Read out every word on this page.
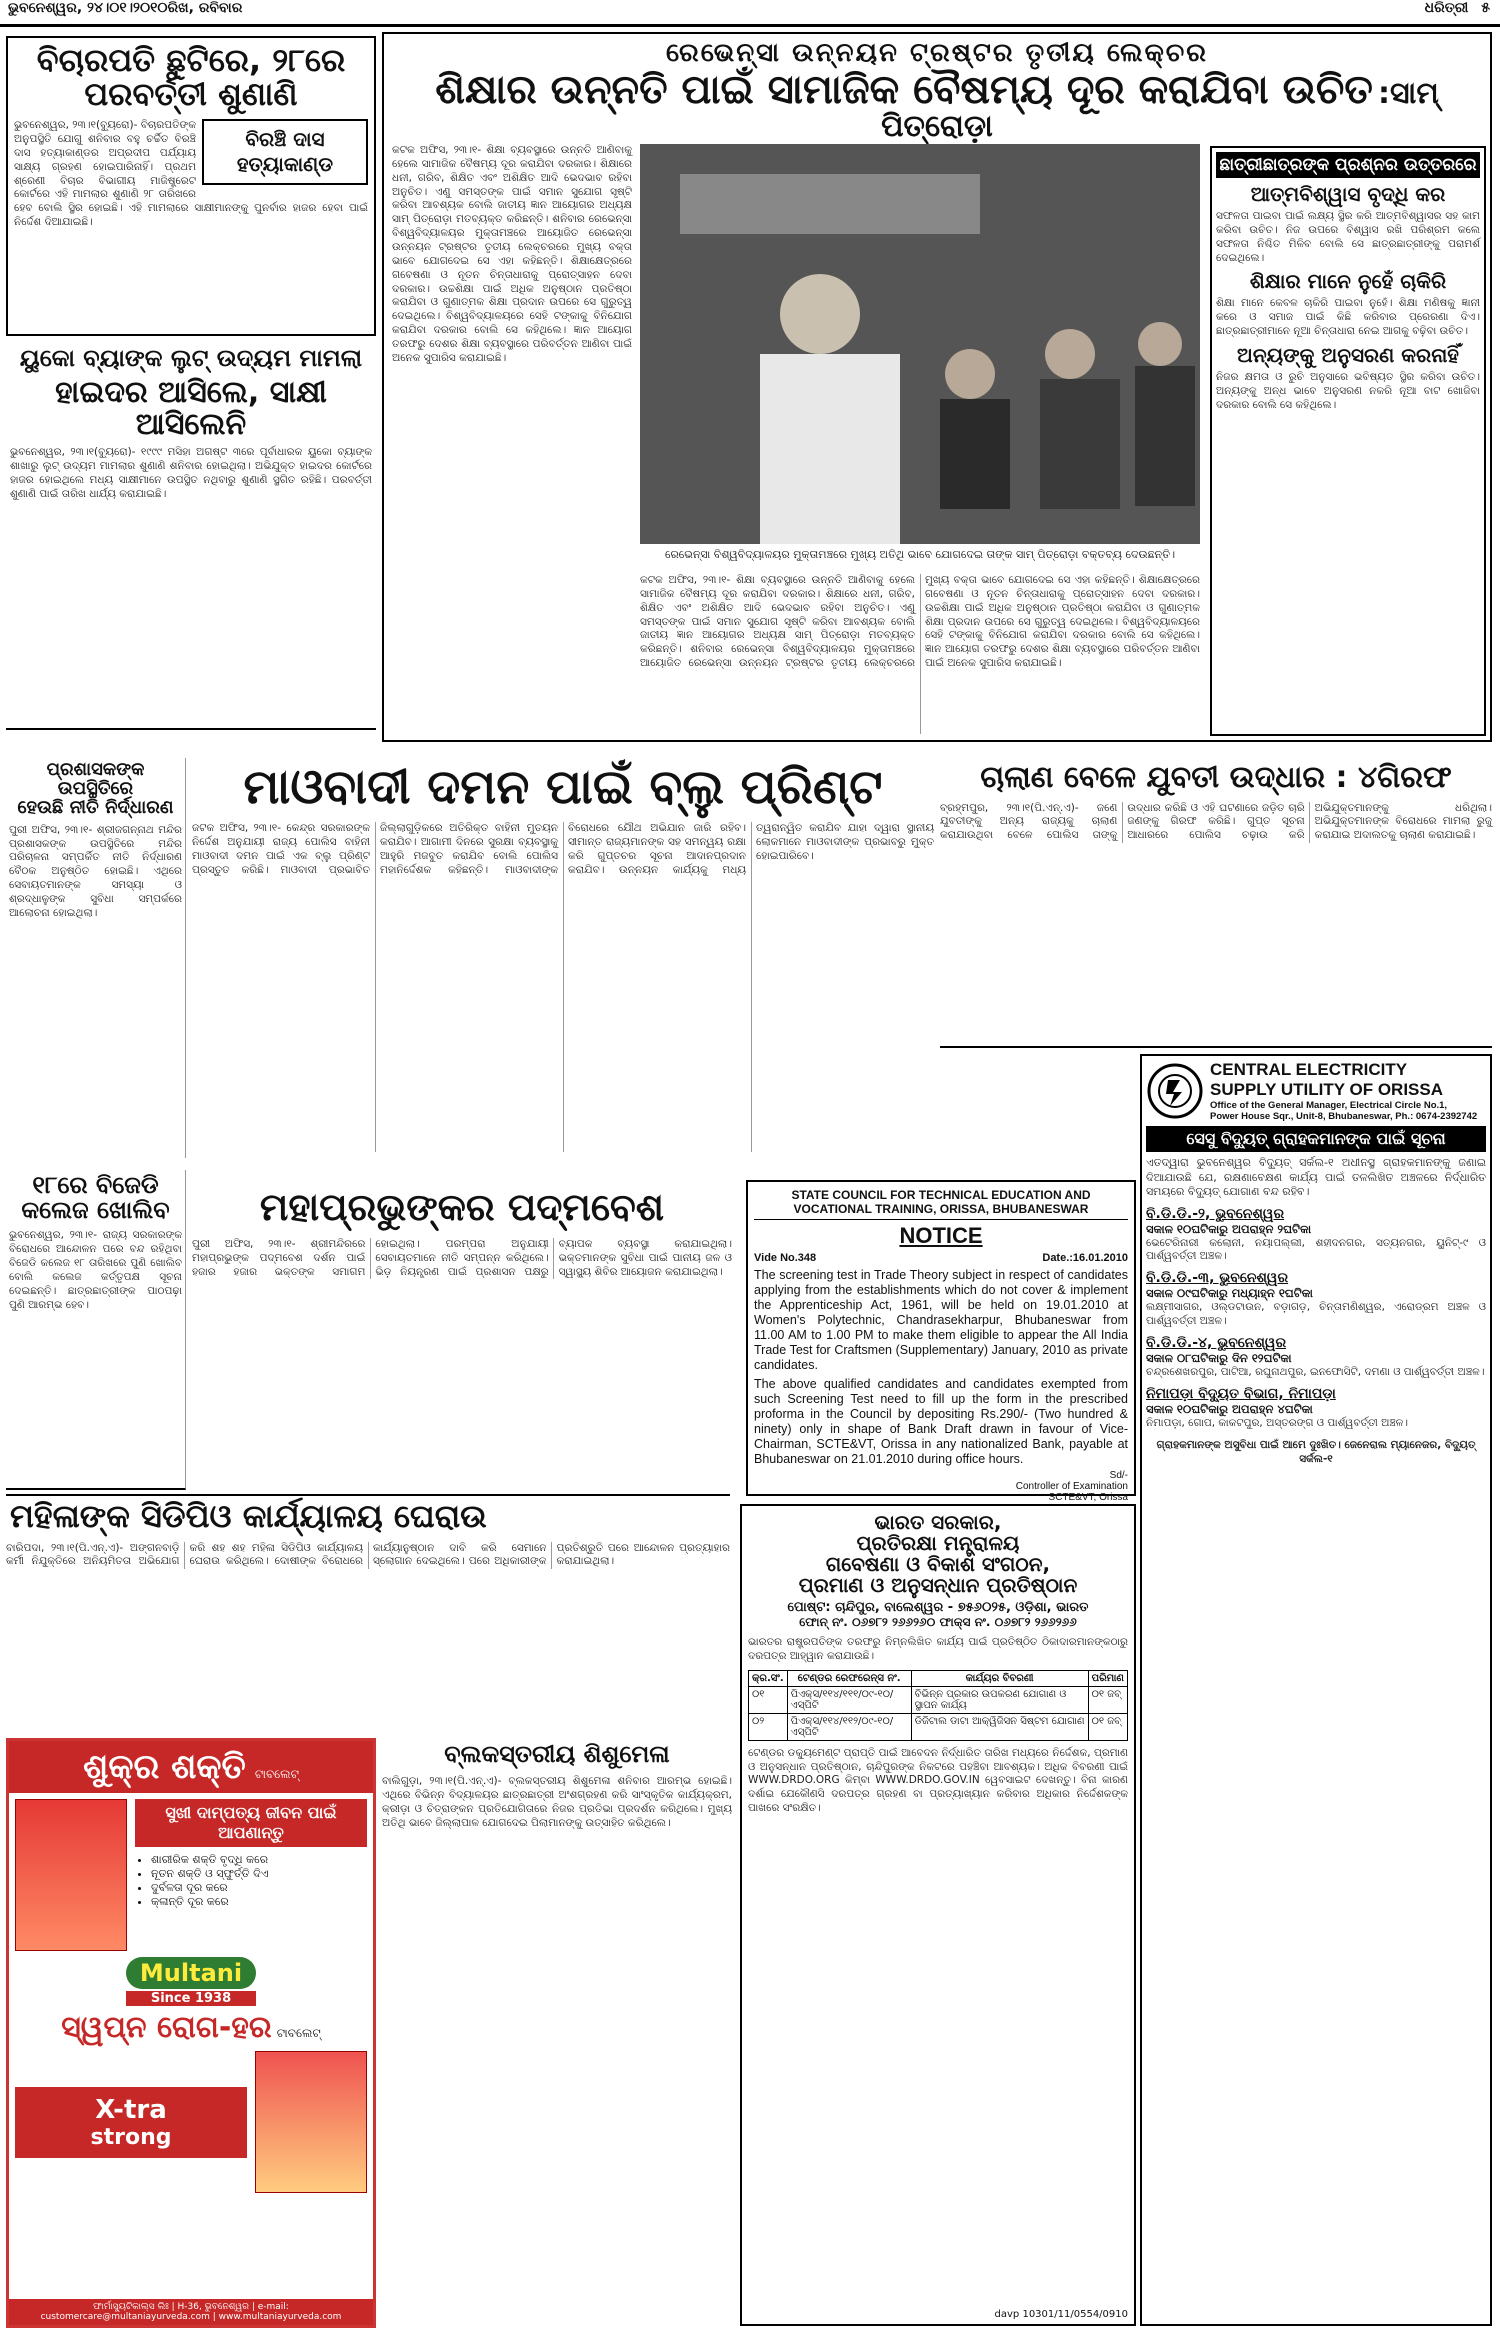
ଭୁବନେଶ୍ୱର, ୨୪।୦୧।୨୦୧୦ରିଖ, ରବିବାର	ଧରିତ୍ରୀ ୫
ବିଚାରପତି ଛୁଟିରେ, ୨୮ରେ ପରବର୍ତ୍ତୀ ଶୁଣାଣି
ବିରଞ୍ଚି ଦାସ ହତ୍ୟାକାଣ୍ଡ
ଭୁବନେଶ୍ୱର, ୨୩।୧(ବ୍ୟୁରୋ)- ବିଚାରପତିଙ୍କ ଅନୁପସ୍ଥିତି ଯୋଗୁ ଶନିବାର ବହୁ ଚର୍ଚ୍ଚିତ ବିରଞ୍ଚି ଦାସ ହତ୍ୟାକାଣ୍ଡର ଅପ୍ରଦୀପ ପର୍ଯ୍ୟାୟ ସାକ୍ଷ୍ୟ ଗ୍ରହଣ ହୋଇପାରିନାହିଁ। ପ୍ରଥମ ଶ୍ରେଣୀ ବିଚାର ବିଭାଗୀୟ ମାଜିଷ୍ଟ୍ରେଟ କୋର୍ଟରେ ଏହି ମାମଲାର ଶୁଣାଣି ୨୮ ତାରିଖରେ ହେବ ବୋଲି ସ୍ଥିର ହୋଇଛି। ଏହି ମାମଲାରେ ସାକ୍ଷୀମାନଙ୍କୁ ପୁନର୍ବାର ହାଜର ହେବା ପାଇଁ ନିର୍ଦ୍ଦେଶ ଦିଆଯାଇଛି।
ୟୁକୋ ବ୍ୟାଙ୍କ ଲୁଟ୍ ଉଦ୍ୟମ ମାମଲା
ହାଇଦର ଆସିଲେ, ସାକ୍ଷୀ ଆସିଲେନି
ଭୁବନେଶ୍ୱର, ୨୩।୧(ବ୍ୟୁରୋ)- ୧୯୯୯ ମସିହା ଅଗଷ୍ଟ ୩ରେ ପୂର୍ବାଧାରକ ୟୁକୋ ବ୍ୟାଙ୍କ ଶାଖାରୁ ଲୁଟ୍ ଉଦ୍ୟମ ମାମଲାର ଶୁଣାଣି ଶନିବାର ହୋଇଥିଲା। ଅଭିଯୁକ୍ତ ହାଇଦର କୋର୍ଟରେ ହାଜର ହୋଇଥିଲେ ମଧ୍ୟ ସାକ୍ଷୀମାନେ ଉପସ୍ଥିତ ନଥିବାରୁ ଶୁଣାଣି ସ୍ଥଗିତ ରହିଛି। ପରବର୍ତ୍ତୀ ଶୁଣାଣି ପାଇଁ ତାରିଖ ଧାର୍ଯ୍ୟ କରାଯାଇଛି।
ରେଭେନ୍ସା ଉନ୍ନୟନ ଟ୍ରଷ୍ଟର ତୃତୀୟ ଲେକ୍ଚର
ଶିକ୍ଷାର ଉନ୍ନତି ପାଇଁ ସାମାଜିକ ବୈଷମ୍ୟ ଦୂର କରାଯିବା ଉଚିତ :ସାମ୍ ପିତ୍ରୋଡ଼ା
କଟକ ଅଫିସ, ୨୩।୧- ଶିକ୍ଷା ବ୍ୟବସ୍ଥାରେ ଉନ୍ନତି ଆଣିବାକୁ ହେଲେ ସାମାଜିକ ବୈଷମ୍ୟ ଦୂର କରାଯିବା ଦରକାର। ଶିକ୍ଷାରେ ଧନୀ, ଗରିବ, ଶିକ୍ଷିତ ଏବଂ ଅଶିକ୍ଷିତ ଆଦି ଭେଦଭାବ ରହିବା ଅନୁଚିତ। ଏଣୁ ସମସ୍ତଙ୍କ ପାଇଁ ସମାନ ସୁଯୋଗ ସୃଷ୍ଟି କରିବା ଆବଶ୍ୟକ ବୋଲି ଜାତୀୟ ଜ୍ଞାନ ଆୟୋଗର ଅଧ୍ୟକ୍ଷ ସାମ୍ ପିତ୍ରୋଡ଼ା ମତବ୍ୟକ୍ତ କରିଛନ୍ତି। ଶନିବାର ରେଭେନ୍ସା ବିଶ୍ୱବିଦ୍ୟାଳୟର ମୁକ୍ତାମଞ୍ଚରେ ଆୟୋଜିତ ରେଭେନ୍ସା ଉନ୍ନୟନ ଟ୍ରଷ୍ଟର ତୃତୀୟ ଲେକ୍ଚରରେ ମୁଖ୍ୟ ବକ୍ତା ଭାବେ ଯୋଗଦେଇ ସେ ଏହା କହିଛନ୍ତି। ଶିକ୍ଷାକ୍ଷେତ୍ରରେ ଗବେଷଣା ଓ ନୂତନ ଚିନ୍ତାଧାରାକୁ ପ୍ରୋତ୍ସାହନ ଦେବା ଦରକାର। ଉଚ୍ଚଶିକ୍ଷା ପାଇଁ ଅଧିକ ଅନୁଷ୍ଠାନ ପ୍ରତିଷ୍ଠା କରାଯିବା ଓ ଗୁଣାତ୍ମକ ଶିକ୍ଷା ପ୍ରଦାନ ଉପରେ ସେ ଗୁରୁତ୍ୱ ଦେଇଥିଲେ। ବିଶ୍ୱବିଦ୍ୟାଳୟରେ ସେହି ଟଙ୍କାକୁ ବିନିଯୋଗ କରାଯିବା ଦରକାର ବୋଲି ସେ କହିଥିଲେ। ଜ୍ଞାନ ଆୟୋଗ ତରଫରୁ ଦେଶର ଶିକ୍ଷା ବ୍ୟବସ୍ଥାରେ ପରିବର୍ତ୍ତନ ଆଣିବା ପାଇଁ ଅନେକ ସୁପାରିସ କରାଯାଇଛି।
ରେଭେନ୍ସା ବିଶ୍ୱବିଦ୍ୟାଳୟର ମୁକ୍ତାମଞ୍ଚରେ ମୁଖ୍ୟ ଅତିଥି ଭାବେ ଯୋଗଦେଇ ତାଙ୍କ ସାମ୍ ପିତ୍ରୋଡ଼ା ବକ୍ତବ୍ୟ ଦେଉଛନ୍ତି।
କଟକ ଅଫିସ, ୨୩।୧- ଶିକ୍ଷା ବ୍ୟବସ୍ଥାରେ ଉନ୍ନତି ଆଣିବାକୁ ହେଲେ ସାମାଜିକ ବୈଷମ୍ୟ ଦୂର କରାଯିବା ଦରକାର। ଶିକ୍ଷାରେ ଧନୀ, ଗରିବ, ଶିକ୍ଷିତ ଏବଂ ଅଶିକ୍ଷିତ ଆଦି ଭେଦଭାବ ରହିବା ଅନୁଚିତ। ଏଣୁ ସମସ୍ତଙ୍କ ପାଇଁ ସମାନ ସୁଯୋଗ ସୃଷ୍ଟି କରିବା ଆବଶ୍ୟକ ବୋଲି ଜାତୀୟ ଜ୍ଞାନ ଆୟୋଗର ଅଧ୍ୟକ୍ଷ ସାମ୍ ପିତ୍ରୋଡ଼ା ମତବ୍ୟକ୍ତ କରିଛନ୍ତି। ଶନିବାର ରେଭେନ୍ସା ବିଶ୍ୱବିଦ୍ୟାଳୟର ମୁକ୍ତାମଞ୍ଚରେ ଆୟୋଜିତ ରେଭେନ୍ସା ଉନ୍ନୟନ ଟ୍ରଷ୍ଟର ତୃତୀୟ ଲେକ୍ଚରରେ ମୁଖ୍ୟ ବକ୍ତା ଭାବେ ଯୋଗଦେଇ ସେ ଏହା କହିଛନ୍ତି। ଶିକ୍ଷାକ୍ଷେତ୍ରରେ ଗବେଷଣା ଓ ନୂତନ ଚିନ୍ତାଧାରାକୁ ପ୍ରୋତ୍ସାହନ ଦେବା ଦରକାର। ଉଚ୍ଚଶିକ୍ଷା ପାଇଁ ଅଧିକ ଅନୁଷ୍ଠାନ ପ୍ରତିଷ୍ଠା କରାଯିବା ଓ ଗୁଣାତ୍ମକ ଶିକ୍ଷା ପ୍ରଦାନ ଉପରେ ସେ ଗୁରୁତ୍ୱ ଦେଇଥିଲେ। ବିଶ୍ୱବିଦ୍ୟାଳୟରେ ସେହି ଟଙ୍କାକୁ ବିନିଯୋଗ କରାଯିବା ଦରକାର ବୋଲି ସେ କହିଥିଲେ। ଜ୍ଞାନ ଆୟୋଗ ତରଫରୁ ଦେଶର ଶିକ୍ଷା ବ୍ୟବସ୍ଥାରେ ପରିବର୍ତ୍ତନ ଆଣିବା ପାଇଁ ଅନେକ ସୁପାରିସ କରାଯାଇଛି।
ଛାତ୍ରୀଛାତ୍ରଙ୍କ ପ୍ରଶ୍ନର ଉତ୍ତରରେ
ଆତ୍ମବିଶ୍ୱାସ ବୃଦ୍ଧି କର
ସଫଳତା ପାଇବା ପାଇଁ ଲକ୍ଷ୍ୟ ସ୍ଥିର କରି ଆତ୍ମବିଶ୍ୱାସର ସହ କାମ କରିବା ଉଚିତ। ନିଜ ଉପରେ ବିଶ୍ୱାସ ରଖି ପରିଶ୍ରମ କଲେ ସଫଳତା ନିଶ୍ଚିତ ମିଳିବ ବୋଲି ସେ ଛାତ୍ରଛାତ୍ରୀଙ୍କୁ ପରାମର୍ଶ ଦେଇଥିଲେ।
ଶିକ୍ଷାର ମାନେ ନୁହେଁ ଚାକିରି
ଶିକ୍ଷା ମାନେ କେବଳ ଚାକିରି ପାଇବା ନୁହେଁ। ଶିକ୍ଷା ମଣିଷକୁ ଜ୍ଞାନୀ କରେ ଓ ସମାଜ ପାଇଁ କିଛି କରିବାର ପ୍ରେରଣା ଦିଏ। ଛାତ୍ରଛାତ୍ରୀମାନେ ନୂଆ ଚିନ୍ତାଧାରା ନେଇ ଆଗକୁ ବଢ଼ିବା ଉଚିତ।
ଅନ୍ୟଙ୍କୁ ଅନୁସରଣ କରନାହିଁ
ନିଜର କ୍ଷମତା ଓ ରୁଚି ଅନୁସାରେ ଭବିଷ୍ୟତ ସ୍ଥିର କରିବା ଉଚିତ। ଅନ୍ୟଙ୍କୁ ଅନ୍ଧ ଭାବେ ଅନୁସରଣ ନକରି ନୂଆ ବାଟ ଖୋଜିବା ଦରକାର ବୋଲି ସେ କହିଥିଲେ।
ପ୍ରଶାସକଙ୍କ ଉପସ୍ଥିତିରେ
ହେଉଛି ନୀତି ନିର୍ଦ୍ଧାରଣ
ପୁରୀ ଅଫିସ, ୨୩।୧- ଶ୍ରୀଜଗନ୍ନାଥ ମନ୍ଦିର ପ୍ରଶାସକଙ୍କ ଉପସ୍ଥିତିରେ ମନ୍ଦିର ପରିଚାଳନା ସମ୍ପର୍କିତ ନୀତି ନିର୍ଦ୍ଧାରଣ ବୈଠକ ଅନୁଷ୍ଠିତ ହୋଇଛି। ଏଥିରେ ସେବାୟତମାନଙ୍କ ସମସ୍ୟା ଓ ଶ୍ରଦ୍ଧାଳୁଙ୍କ ସୁବିଧା ସମ୍ପର୍କରେ ଆଲୋଚନା ହୋଇଥିଲା।
ମାଓବାଦୀ ଦମନ ପାଇଁ ବ୍ଲୁ ପ୍ରିଣ୍ଟ
ଜଟକ ଅଫିସ, ୨୩।୧- କେନ୍ଦ୍ର ସରକାରଙ୍କ ନିର୍ଦ୍ଦେଶ ଅନୁଯାୟୀ ରାଜ୍ୟ ପୋଲିସ ବାହିନୀ ମାଓବାଦୀ ଦମନ ପାଇଁ ଏକ ବ୍ଲୁ ପ୍ରିଣ୍ଟ ପ୍ରସ୍ତୁତ କରିଛି। ମାଓବାଦୀ ପ୍ରଭାବିତ ଜିଲ୍ଲାଗୁଡ଼ିକରେ ଅତିରିକ୍ତ ବାହିନୀ ମୁତୟନ କରାଯିବ। ଆଗାମୀ ଦିନରେ ସୁରକ୍ଷା ବ୍ୟବସ୍ଥାକୁ ଆହୁରି ମଜବୁତ କରାଯିବ ବୋଲି ପୋଲିସ ମହାନିର୍ଦ୍ଦେଶକ କହିଛନ୍ତି। ମାଓବାଦୀଙ୍କ ବିରୋଧରେ ଯୌଥ ଅଭିଯାନ ଜାରି ରହିବ। ସୀମାନ୍ତ ରାଜ୍ୟମାନଙ୍କ ସହ ସମନ୍ୱୟ ରକ୍ଷା କରି ଗୁପ୍ତଚର ସୂଚନା ଆଦାନପ୍ରଦାନ କରାଯିବ। ଉନ୍ନୟନ କାର୍ଯ୍ୟକୁ ମଧ୍ୟ ତ୍ୱରାନ୍ୱିତ କରାଯିବ ଯାହା ଦ୍ୱାରା ସ୍ଥାନୀୟ ଲୋକମାନେ ମାଓବାଦୀଙ୍କ ପ୍ରଭାବରୁ ମୁକ୍ତ ହୋଇପାରିବେ।
ଚାଲାଣ ବେଳେ ଯୁବତୀ ଉଦ୍ଧାର : ୪ଗିରଫ
ବ୍ରହ୍ମପୁର, ୨୩।୧(ପି.ଏନ୍.ଏ)- ଜଣେ ଯୁବତୀଙ୍କୁ ଅନ୍ୟ ରାଜ୍ୟକୁ ଚାଲାଣ କରାଯାଉଥିବା ବେଳେ ପୋଲିସ ତାଙ୍କୁ ଉଦ୍ଧାର କରିଛି ଓ ଏହି ଘଟଣାରେ ଜଡ଼ିତ ଚାରି ଜଣଙ୍କୁ ଗିରଫ କରିଛି। ଗୁପ୍ତ ସୂଚନା ଆଧାରରେ ପୋଲିସ ଚଢ଼ାଉ କରି ଅଭିଯୁକ୍ତମାନଙ୍କୁ ଧରିଥିଲା। ଅଭିଯୁକ୍ତମାନଙ୍କ ବିରୋଧରେ ମାମଲା ରୁଜୁ କରାଯାଇ ଅଦାଲତକୁ ଚାଲାଣ କରାଯାଇଛି।
୧୮ରେ ବିଜେଡି କଲେଜ ଖୋଲିବ
ଭୁବନେଶ୍ୱର, ୨୩।୧- ରାଜ୍ୟ ସରକାରଙ୍କ ବିରୋଧରେ ଆନ୍ଦୋଳନ ପରେ ବନ୍ଦ ରହିଥିବା ବିଜେଡି କଲେଜ ୧୮ ତାରିଖରେ ପୁଣି ଖୋଲିବ ବୋଲି କଲେଜ କର୍ତ୍ତୃପକ୍ଷ ସୂଚନା ଦେଇଛନ୍ତି। ଛାତ୍ରଛାତ୍ରୀଙ୍କ ପାଠପଢ଼ା ପୁଣି ଆରମ୍ଭ ହେବ।
ମହାପ୍ରଭୁଙ୍କର ପଦ୍ମବେଶ
ପୁରୀ ଅଫିସ, ୨୩।୧- ଶ୍ରୀମନ୍ଦିରରେ ମହାପ୍ରଭୁଙ୍କ ପଦ୍ମବେଶ ଦର୍ଶନ ପାଇଁ ହଜାର ହଜାର ଭକ୍ତଙ୍କ ସମାଗମ ହୋଇଥିଲା। ପରମ୍ପରା ଅନୁଯାୟୀ ସେବାୟତମାନେ ନୀତି ସମ୍ପନ୍ନ କରିଥିଲେ। ଭିଡ଼ ନିୟନ୍ତ୍ରଣ ପାଇଁ ପ୍ରଶାସନ ପକ୍ଷରୁ ବ୍ୟାପକ ବ୍ୟବସ୍ଥା କରାଯାଇଥିଲା। ଭକ୍ତମାନଙ୍କ ସୁବିଧା ପାଇଁ ପାନୀୟ ଜଳ ଓ ସ୍ୱାସ୍ଥ୍ୟ ଶିବିର ଆୟୋଜନ କରାଯାଇଥିଲା।
STATE COUNCIL FOR TECHNICAL EDUCATION AND VOCATIONAL TRAINING, ORISSA, BHUBANESWAR
NOTICE
Vide No.348	Date.:16.01.2010
The screening test in Trade Theory subject in respect of candidates applying from the establishments which do not cover & implement the Apprenticeship Act, 1961, will be held on 19.01.2010 at Women's Polytechnic, Chandrasekharpur, Bhubaneswar from 11.00 AM to 1.00 PM to make them eligible to appear the All India Trade Test for Craftsmen (Supplementary) January, 2010 as private candidates.
The above qualified candidates and candidates exempted from such Screening Test need to fill up the form in the prescribed proforma in the Council by depositing Rs.290/- (Two hundred & ninety) only in shape of Bank Draft drawn in favour of Vice-Chairman, SCTE&VT, Orissa in any nationalized Bank, payable at Bhubaneswar on 21.01.2010 during office hours.
Sd/-
Controller of Examination
SCTE&VT, Orissa
CENTRAL ELECTRICITY
SUPPLY UTILITY OF ORISSA
Office of the General Manager, Electrical Circle No.1,
Power House Sqr., Unit-8, Bhubaneswar, Ph.: 0674-2392742
ସେସୁ ବିଦ୍ୟୁତ୍ ଗ୍ରାହକମାନଙ୍କ ପାଇଁ ସୂଚନା
ଏତଦ୍ୱାରା ଭୁବନେଶ୍ୱର ବିଦ୍ୟୁତ୍ ସର୍କଲ-୧ ଅଧୀନସ୍ଥ ଗ୍ରାହକମାନଙ୍କୁ ଜଣାଇ ଦିଆଯାଉଛି ଯେ, ରକ୍ଷଣାବେକ୍ଷଣ କାର୍ଯ୍ୟ ପାଇଁ ତଳଲିଖିତ ଅଞ୍ଚଳରେ ନିର୍ଦ୍ଧାରିତ ସମୟରେ ବିଦ୍ୟୁତ୍ ଯୋଗାଣ ବନ୍ଦ ରହିବ।
ବି.ଡି.ଡି.-୨, ଭୁବନେଶ୍ୱର
ସକାଳ ୧୦ଘଟିକାରୁ ଅପରାହ୍ନ ୨ଘଟିକା
ଭେଟେରିନାରୀ କଲୋନୀ, ନୟାପଲ୍ଲୀ, ଶହୀଦନଗର, ସତ୍ୟନଗର, ୟୁନିଟ୍-୯ ଓ ପାର୍ଶ୍ୱବର୍ତ୍ତୀ ଅଞ୍ଚଳ।
ବି.ଡି.ଡି.-୩, ଭୁବନେଶ୍ୱର
ସକାଳ ୦୯ଘଟିକାରୁ ମଧ୍ୟାହ୍ନ ୧ଘଟିକା
ଲକ୍ଷ୍ମୀସାଗର, ଓଲ୍ଡଟାଉନ, ବଡ଼ାଗଡ଼, ଚିନ୍ତାମଣିଶ୍ୱର, ଏରୋଡ୍ରମ ଅଞ୍ଚଳ ଓ ପାର୍ଶ୍ୱବର୍ତ୍ତୀ ଅଞ୍ଚଳ।
ବି.ଡି.ଡି.-୪, ଭୁବନେଶ୍ୱର
ସକାଳ ୦୮ଘଟିକାରୁ ଦିନ ୧୨ଘଟିକା
ଚନ୍ଦ୍ରଶେଖରପୁର, ପାଟିଆ, ରଘୁନାଥପୁର, ଇନଫୋସିଟି, ଦମଣା ଓ ପାର୍ଶ୍ୱବର୍ତ୍ତୀ ଅଞ୍ଚଳ।
ନିମାପଡ଼ା ବିଦ୍ୟୁତ ବିଭାଗ, ନିମାପଡ଼ା
ସକାଳ ୧୦ଘଟିକାରୁ ଅପରାହ୍ନ ୪ଘଟିକା
ନିମାପଡ଼ା, ଗୋପ, କାକଟପୁର, ଅସ୍ତରଙ୍ଗ ଓ ପାର୍ଶ୍ୱବର୍ତ୍ତୀ ଅଞ୍ଚଳ।
ଗ୍ରାହକମାନଙ୍କ ଅସୁବିଧା ପାଇଁ ଆମେ ଦୁଃଖିତ। ଜେନେରାଲ ମ୍ୟାନେଜର, ବିଦ୍ୟୁତ୍ ସର୍କଲ-୧
ମହିଳାଙ୍କ ସିଡିପିଓ କାର୍ଯ୍ୟାଳୟ ଘେରାଉ
ବାରିପଦା, ୨୩।୧(ପି.ଏନ୍.ଏ)- ଅଙ୍ଗନବାଡ଼ି କର୍ମୀ ନିଯୁକ୍ତିରେ ଅନିୟମିତତା ଅଭିଯୋଗ କରି ଶହ ଶହ ମହିଳା ସିଡିପିଓ କାର୍ଯ୍ୟାଳୟ ଘେରାଉ କରିଥିଲେ। ଦୋଷୀଙ୍କ ବିରୋଧରେ କାର୍ଯ୍ୟାନୁଷ୍ଠାନ ଦାବି କରି ସେମାନେ ସ୍ଲୋଗାନ ଦେଇଥିଲେ। ପରେ ଅଧିକାରୀଙ୍କ ପ୍ରତିଶ୍ରୁତି ପରେ ଆନ୍ଦୋଳନ ପ୍ରତ୍ୟାହାର କରାଯାଇଥିଲା।
ଶୁକ୍ର ଶକ୍ତି ଟାବଲେଟ୍
ସୁଖୀ ଦାମ୍ପତ୍ୟ ଜୀବନ ପାଇଁ ଆପଣାନ୍ତୁ
• ଶାରୀରିକ ଶକ୍ତି ବୃଦ୍ଧି କରେ
• ନୂତନ ଶକ୍ତି ଓ ସ୍ଫୁର୍ତ୍ତି ଦିଏ
• ଦୁର୍ବଳତା ଦୂର କରେ
• କ୍ଳାନ୍ତି ଦୂର କରେ
Multani
Since 1938
ସ୍ୱପ୍ନ ରୋଗ-ହର ଟାବଲେଟ୍
X-tra
strong
ଫାର୍ମାସ୍ୟୁଟିକାଲ୍ସ ଲିଃ | H-36, ଭୁବନେଶ୍ୱର | e-mail: customercare@multaniayurveda.com | www.multaniayurveda.com
ବ୍ଲକସ୍ତରୀୟ ଶିଶୁମେଳା
ବାଲିଗୁଡ଼ା, ୨୩।୧(ପି.ଏନ୍.ଏ)- ବ୍ଲକସ୍ତରୀୟ ଶିଶୁମେଳା ଶନିବାର ଆରମ୍ଭ ହୋଇଛି। ଏଥିରେ ବିଭିନ୍ନ ବିଦ୍ୟାଳୟର ଛାତ୍ରଛାତ୍ରୀ ଅଂଶଗ୍ରହଣ କରି ସାଂସ୍କୃତିକ କାର୍ଯ୍ୟକ୍ରମ, କ୍ରୀଡ଼ା ଓ ଚିତ୍ରାଙ୍କନ ପ୍ରତିଯୋଗିତାରେ ନିଜର ପ୍ରତିଭା ପ୍ରଦର୍ଶନ କରିଥିଲେ। ମୁଖ୍ୟ ଅତିଥି ଭାବେ ଜିଲ୍ଲାପାଳ ଯୋଗଦେଇ ପିଲାମାନଙ୍କୁ ଉତ୍ସାହିତ କରିଥିଲେ।
ଭାରତ ସରକାର,
ପ୍ରତିରକ୍ଷା ମନ୍ତ୍ରାଳୟ
ଗବେଷଣା ଓ ବିକାଶ ସଂଗଠନ,
ପ୍ରମାଣ ଓ ଅନୁସନ୍ଧାନ ପ୍ରତିଷ୍ଠାନ
ପୋଷ୍ଟ: ଚାନ୍ଦିପୁର, ବାଲେଶ୍ୱର - ୭୫୬୦୨୫, ଓଡ଼ିଶା, ଭାରତ
ଫୋନ୍ ନଂ. ୦୬୭୮୨ ୨୬୬୨୬୦ ଫାକ୍ସ ନଂ. ୦୬୭୮୨ ୨୬୬୨୬୬
ଭାରତର ରାଷ୍ଟ୍ରପତିଙ୍କ ତରଫରୁ ନିମ୍ନଲିଖିତ କାର୍ଯ୍ୟ ପାଇଁ ପ୍ରତିଷ୍ଠିତ ଠିକାଦାରମାନଙ୍କଠାରୁ ଦରପତ୍ର ଆହ୍ୱାନ କରାଯାଉଛି।
କ୍ର.ସଂ.	ଟେଣ୍ଡର ରେଫରେନ୍ସ ନଂ.	କାର୍ଯ୍ୟର ବିବରଣୀ	ପରିମାଣ
୦୧	ପିଏକ୍ସ/୧୧୪/୧୧୧/୦୯-୧୦/ଏସ୍ପିଟି	ବିଭିନ୍ନ ପ୍ରକାର ଉପକରଣ ଯୋଗାଣ ଓ ସ୍ଥାପନ କାର୍ଯ୍ୟ	୦୧ ଜବ୍
୦୨	ପିଏକ୍ସ/୧୧୪/୧୧୨/୦୯-୧୦/ଏସ୍ପିଟି	ଡିଜିଟାଲ ଡାଟା ଆକ୍ୱିଜିସନ ସିଷ୍ଟମ ଯୋଗାଣ	୦୧ ଜବ୍
ଟେଣ୍ଡର ଡକ୍ୟୁମେଣ୍ଟ ପ୍ରାପ୍ତି ପାଇଁ ଆବେଦନ ନିର୍ଦ୍ଧାରିତ ତାରିଖ ମଧ୍ୟରେ ନିର୍ଦ୍ଦେଶକ, ପ୍ରମାଣ ଓ ଅନୁସନ୍ଧାନ ପ୍ରତିଷ୍ଠାନ, ଚାନ୍ଦିପୁରଙ୍କ ନିକଟରେ ପହଞ୍ଚିବା ଆବଶ୍ୟକ। ଅଧିକ ବିବରଣୀ ପାଇଁ WWW.DRDO.ORG କିମ୍ବା WWW.DRDO.GOV.IN ୱେବସାଇଟ ଦେଖନ୍ତୁ। ବିନା କାରଣ ଦର୍ଶାଇ ଯେକୌଣସି ଦରପତ୍ର ଗ୍ରହଣ ବା ପ୍ରତ୍ୟାଖ୍ୟାନ କରିବାର ଅଧିକାର ନିର୍ଦ୍ଦେଶକଙ୍କ ପାଖରେ ସଂରକ୍ଷିତ।
davp 10301/11/0554/0910
